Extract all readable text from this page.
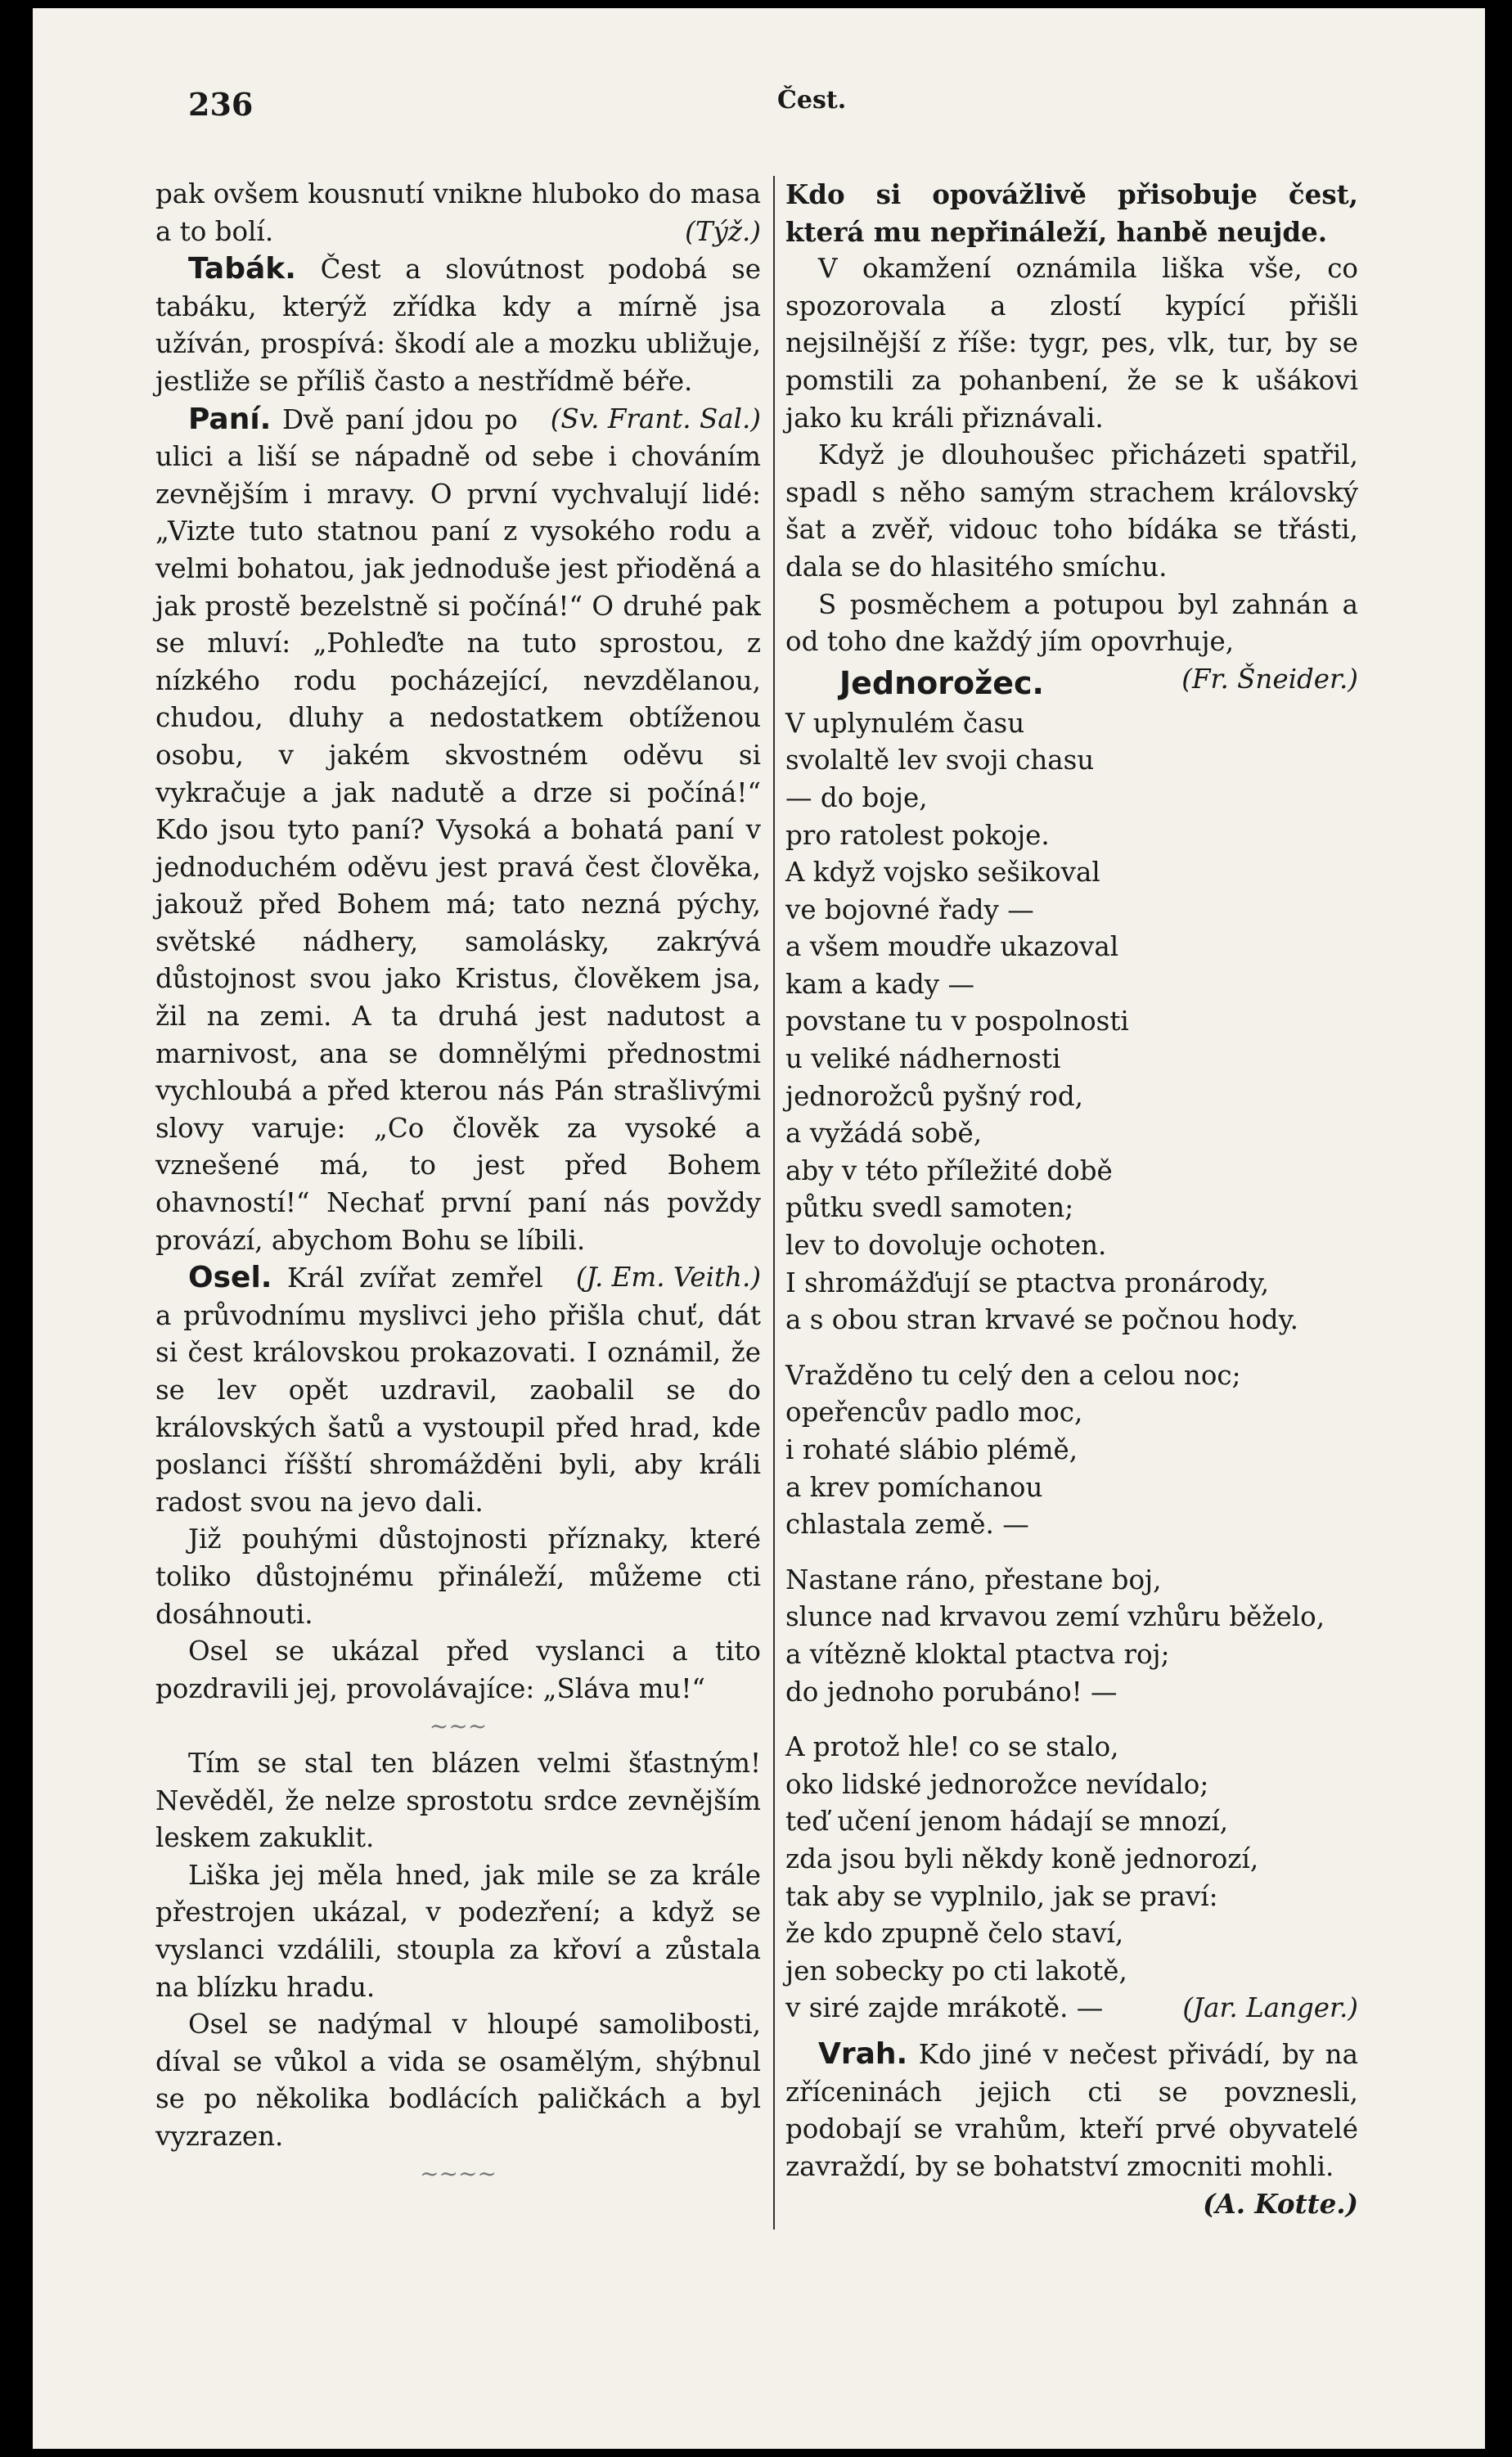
236	Čest.

pak ovšem kousnutí vnikne hluboko do masa a to bolí.	(Týž.)

Tabák. Čest a slovútnost podobá se tabáku, kterýž zřídka kdy a mírně jsa užíván, prospívá: škodí ale a mozku ubližuje, jestliže se příliš často a nestřídmě béře.
(Sv. Frant. Sal.)

Paní. Dvě paní jdou po ulici a liší se nápadně od sebe i chováním zevnějším i mravy. O první vychvalují lidé: „Vizte tuto statnou paní z vysokého rodu a velmi bohatou, jak jednoduše jest přioděná a jak prostě bezelstně si počíná!“ O druhé pak se mluví: „Pohleďte na tuto sprostou, z nízkého rodu pocházející, nevzdělanou, chudou, dluhy a nedostatkem obtíženou osobu, v jakém skvostném oděvu si vykračuje a jak nadutě a drze si počíná!“ Kdo jsou tyto paní? Vysoká a bohatá paní v jednoduchém oděvu jest pravá čest člověka, jakouž před Bohem má; tato nezná pýchy, světské nádhery, samolásky, zakrývá důstojnost svou jako Kristus, člověkem jsa, žil na zemi. A ta druhá jest nadutost a marnivost, ana se domnělými přednostmi vychloubá a před kterou nás Pán strašlivými slovy varuje: „Co člověk za vysoké a vznešené má, to jest před Bohem ohavností!“ Nechať první paní nás povždy provází, abychom Bohu se líbili.
(J. Em. Veith.)

Osel. Král zvířat zemřel a průvodnímu myslivci jeho přišla chuť, dát si čest královskou prokazovati. I oznámil, že se lev opět uzdravil, zaobalil se do královských šatů a vystoupil před hrad, kde poslanci říšští shromážděni byli, aby králi radost svou na jevo dali.

Již pouhými důstojnosti příznaky, které toliko důstojnému přináleží, můžeme cti dosáhnouti.

Osel se ukázal před vyslanci a tito pozdravili jej, provolávajíce: „Sláva mu!“

~~~

Tím se stal ten blázen velmi šťastným! Nevěděl, že nelze sprostotu srdce zevnějším leskem zakuklit.

Liška jej měla hned, jak mile se za krále přestrojen ukázal, v podezření; a když se vyslanci vzdálili, stoupla za křoví a zůstala na blízku hradu.

Osel se nadýmal v hloupé samolibosti, díval se vůkol a vida se osamělým, shýbnul se po několika bodlácích paličkách a byl vyzrazen.

~~~~

Kdo si opovážlivě přisobuje čest, která mu nepřináleží, hanbě neujde.

V okamžení oznámila liška vše, co spozorovala a zlostí kypící přišli nejsilnější z říše: tygr, pes, vlk, tur, by se pomstili za pohanbení, že se k ušákovi jako ku králi přiznávali.

Když je dlouhoušec přicházeti spatřil, spadl s něho samým strachem královský šat a zvěř, vidouc toho bídáka se třásti, dala se do hlasitého smíchu.

S posměchem a potupou byl zahnán a od toho dne každý jím opovrhuje,
(Fr. Šneider.)

Jednorožec.
V uplynulém času
svolaltě lev svoji chasu
— do boje,
pro ratolest pokoje.
A když vojsko sešikoval
ve bojovné řady —
a všem moudře ukazoval
kam a kady —
povstane tu v pospolnosti
u veliké nádhernosti
jednorožců pyšný rod,
a vyžádá sobě,
aby v této příležité době
půtku svedl samoten;
lev to dovoluje ochoten.
I shromážďují se ptactva pronárody,
a s obou stran krvavé se počnou hody.
Vražděno tu celý den a celou noc;
opeřencův padlo moc,
i rohaté slábio plémě,
a krev pomíchanou
chlastala země. —
Nastane ráno, přestane boj,
slunce nad krvavou zemí vzhůru běželo,
a vítězně kloktal ptactva roj;
do jednoho porubáno! —
A protož hle! co se stalo,
oko lidské jednorožce nevídalo;
teď učení jenom hádají se mnozí,
zda jsou byli někdy koně jednorozí,
tak aby se vyplnilo, jak se praví:
že kdo zpupně čelo staví,
jen sobecky po cti lakotě,
v siré zajde mrákotě. —	(Jar. Langer.)

Vrah. Kdo jiné v nečest přivádí, by na zříceninách jejich cti se povznesli, podobají se vrahům, kteří prvé obyvatelé zavraždí, by se bohatství zmocniti mohli.

(A. Kotte.)
